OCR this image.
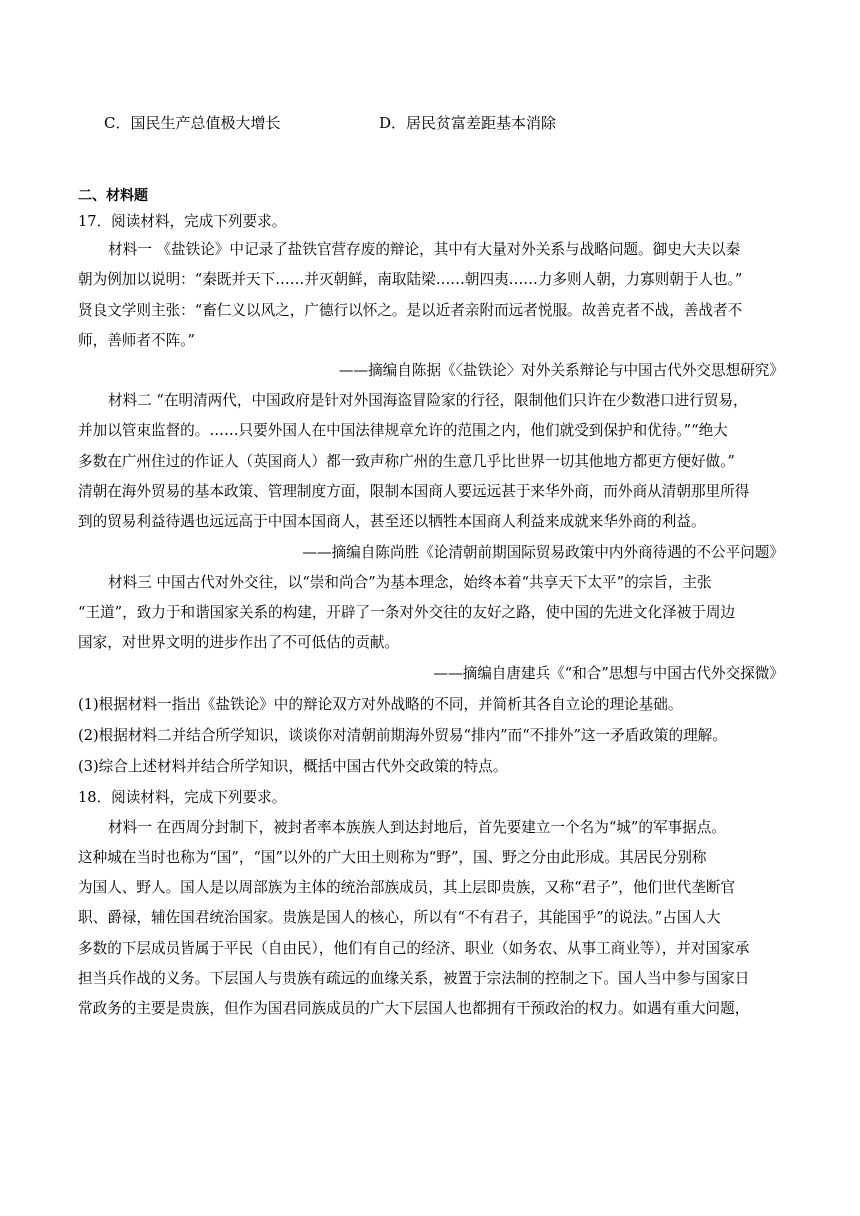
C．国民生产总值极大增长	D．居民贫富差距基本消除
二、材料题
17．阅读材料，完成下列要求。
材料一 《盐铁论》中记录了盐铁官营存废的辩论，其中有大量对外关系与战略问题。御史大夫以秦
朝为例加以说明：“秦既并天下……并灭朝鲜，南取陆梁……朝四夷……力多则人朝，力寡则朝于人也。”
贤良文学则主张：“畜仁义以风之，广德行以怀之。是以近者亲附而远者悦服。故善克者不战，善战者不
师，善师者不阵。”
——摘编自陈据《〈盐铁论〉对外关系辩论与中国古代外交思想研究》
材料二 “在明清两代，中国政府是针对外国海盗冒险家的行径，限制他们只许在少数港口进行贸易，
并加以管束监督的。……只要外国人在中国法律规章允许的范围之内，他们就受到保护和优待。”“绝大
多数在广州住过的作证人（英国商人）都一致声称广州的生意几乎比世界一切其他地方都更方便好做。”
清朝在海外贸易的基本政策、管理制度方面，限制本国商人要远远甚于来华外商，而外商从清朝那里所得
到的贸易利益待遇也远远高于中国本国商人，甚至还以牺牲本国商人利益来成就来华外商的利益。
——摘编自陈尚胜《论清朝前期国际贸易政策中内外商待遇的不公平问题》
材料三 中国古代对外交往，以“崇和尚合”为基本理念，始终本着“共享天下太平”的宗旨，主张
“王道”，致力于和谐国家关系的构建，开辟了一条对外交往的友好之路，使中国的先进文化泽被于周边
国家，对世界文明的进步作出了不可低估的贡献。
——摘编自唐建兵《“和合”思想与中国古代外交探微》
(1)根据材料一指出《盐铁论》中的辩论双方对外战略的不同，并简析其各自立论的理论基础。
(2)根据材料二并结合所学知识，谈谈你对清朝前期海外贸易“排内”而“不排外”这一矛盾政策的理解。
(3)综合上述材料并结合所学知识，概括中国古代外交政策的特点。
18．阅读材料，完成下列要求。
材料一 在西周分封制下，被封者率本族族人到达封地后，首先要建立一个名为“城”的军事据点。
这种城在当时也称为“国”，“国”以外的广大田土则称为“野”，国、野之分由此形成。其居民分别称
为国人、野人。国人是以周部族为主体的统治部族成员，其上层即贵族，又称“君子”，他们世代垄断官
职、爵禄，辅佐国君统治国家。贵族是国人的核心，所以有“不有君子，其能国乎”的说法。”占国人大
多数的下层成员皆属于平民（自由民），他们有自己的经济、职业（如务农、从事工商业等），并对国家承
担当兵作战的义务。下层国人与贵族有疏远的血缘关系，被置于宗法制的控制之下。国人当中参与国家日
常政务的主要是贵族，但作为国君同族成员的广大下层国人也都拥有干预政治的权力。如遇有重大问题，
